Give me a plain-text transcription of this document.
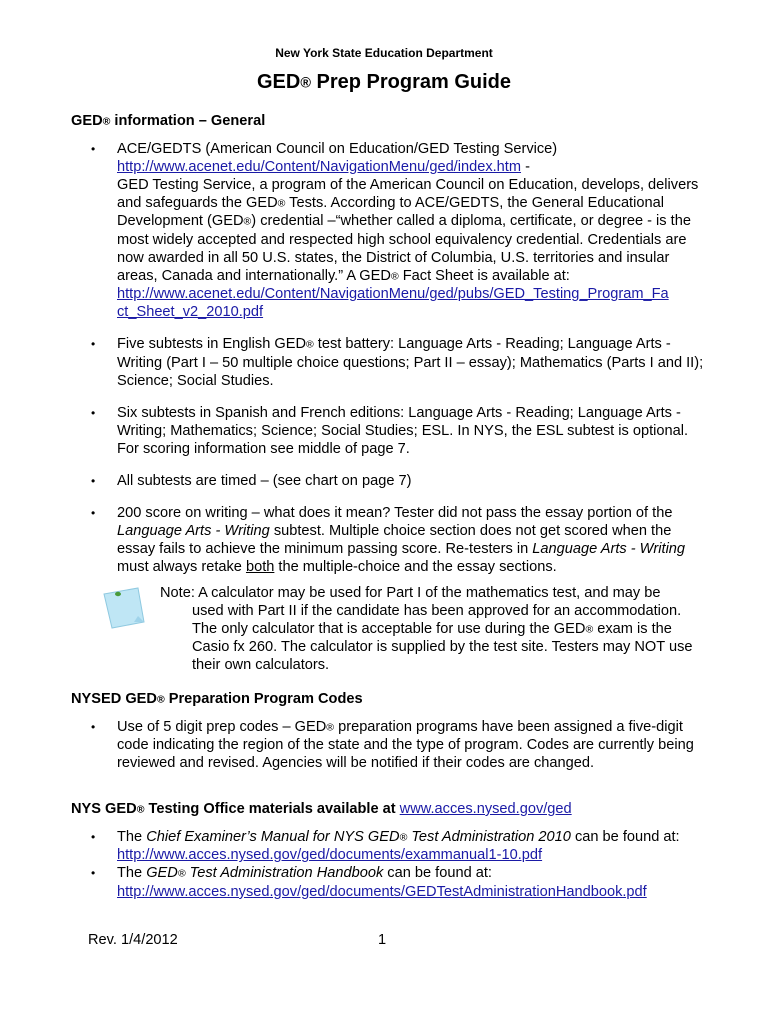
New York State Education Department
GED® Prep Program Guide
GED® information – General
• ACE/GEDTS (American Council on Education/GED Testing Service)
http://www.acenet.edu/Content/NavigationMenu/ged/index.htm -
GED Testing Service, a program of the American Council on Education, develops, delivers and safeguards the GED® Tests. According to ACE/GEDTS, the General Educational Development (GED®) credential –“whether called a diploma, certificate, or degree - is the most widely accepted and respected high school equivalency credential. Credentials are now awarded in all 50 U.S. states, the District of Columbia, U.S. territories and insular areas, Canada and internationally.” A GED® Fact Sheet is available at:
http://www.acenet.edu/Content/NavigationMenu/ged/pubs/GED_Testing_Program_Fa
ct_Sheet_v2_2010.pdf
• Five subtests in English GED® test battery: Language Arts - Reading; Language Arts - Writing (Part I – 50 multiple choice questions; Part II – essay); Mathematics (Parts I and II); Science; Social Studies.
• Six subtests in Spanish and French editions: Language Arts - Reading; Language Arts - Writing; Mathematics; Science; Social Studies; ESL. In NYS, the ESL subtest is optional. For scoring information see middle of page 7.
• All subtests are timed – (see chart on page 7)
• 200 score on writing – what does it mean? Tester did not pass the essay portion of the Language Arts - Writing subtest. Multiple choice section does not get scored when the essay fails to achieve the minimum passing score. Re-testers in Language Arts - Writing must always retake both the multiple-choice and the essay sections.
Note: A calculator may be used for Part I of the mathematics test, and may be
used with Part II if the candidate has been approved for an accommodation. The only calculator that is acceptable for use during the GED® exam is the Casio fx 260. The calculator is supplied by the test site. Testers may NOT use their own calculators.
NYSED GED® Preparation Program Codes
• Use of 5 digit prep codes – GED® preparation programs have been assigned a five-digit code indicating the region of the state and the type of program. Codes are currently being reviewed and revised. Agencies will be notified if their codes are changed.
NYS GED® Testing Office materials available at www.acces.nysed.gov/ged
• The Chief Examiner’s Manual for NYS GED® Test Administration 2010 can be found at: http://www.acces.nysed.gov/ged/documents/exammanual1-10.pdf
• The GED® Test Administration Handbook can be found at:
http://www.acces.nysed.gov/ged/documents/GEDTestAdministrationHandbook.pdf
Rev. 1/4/2012	1
